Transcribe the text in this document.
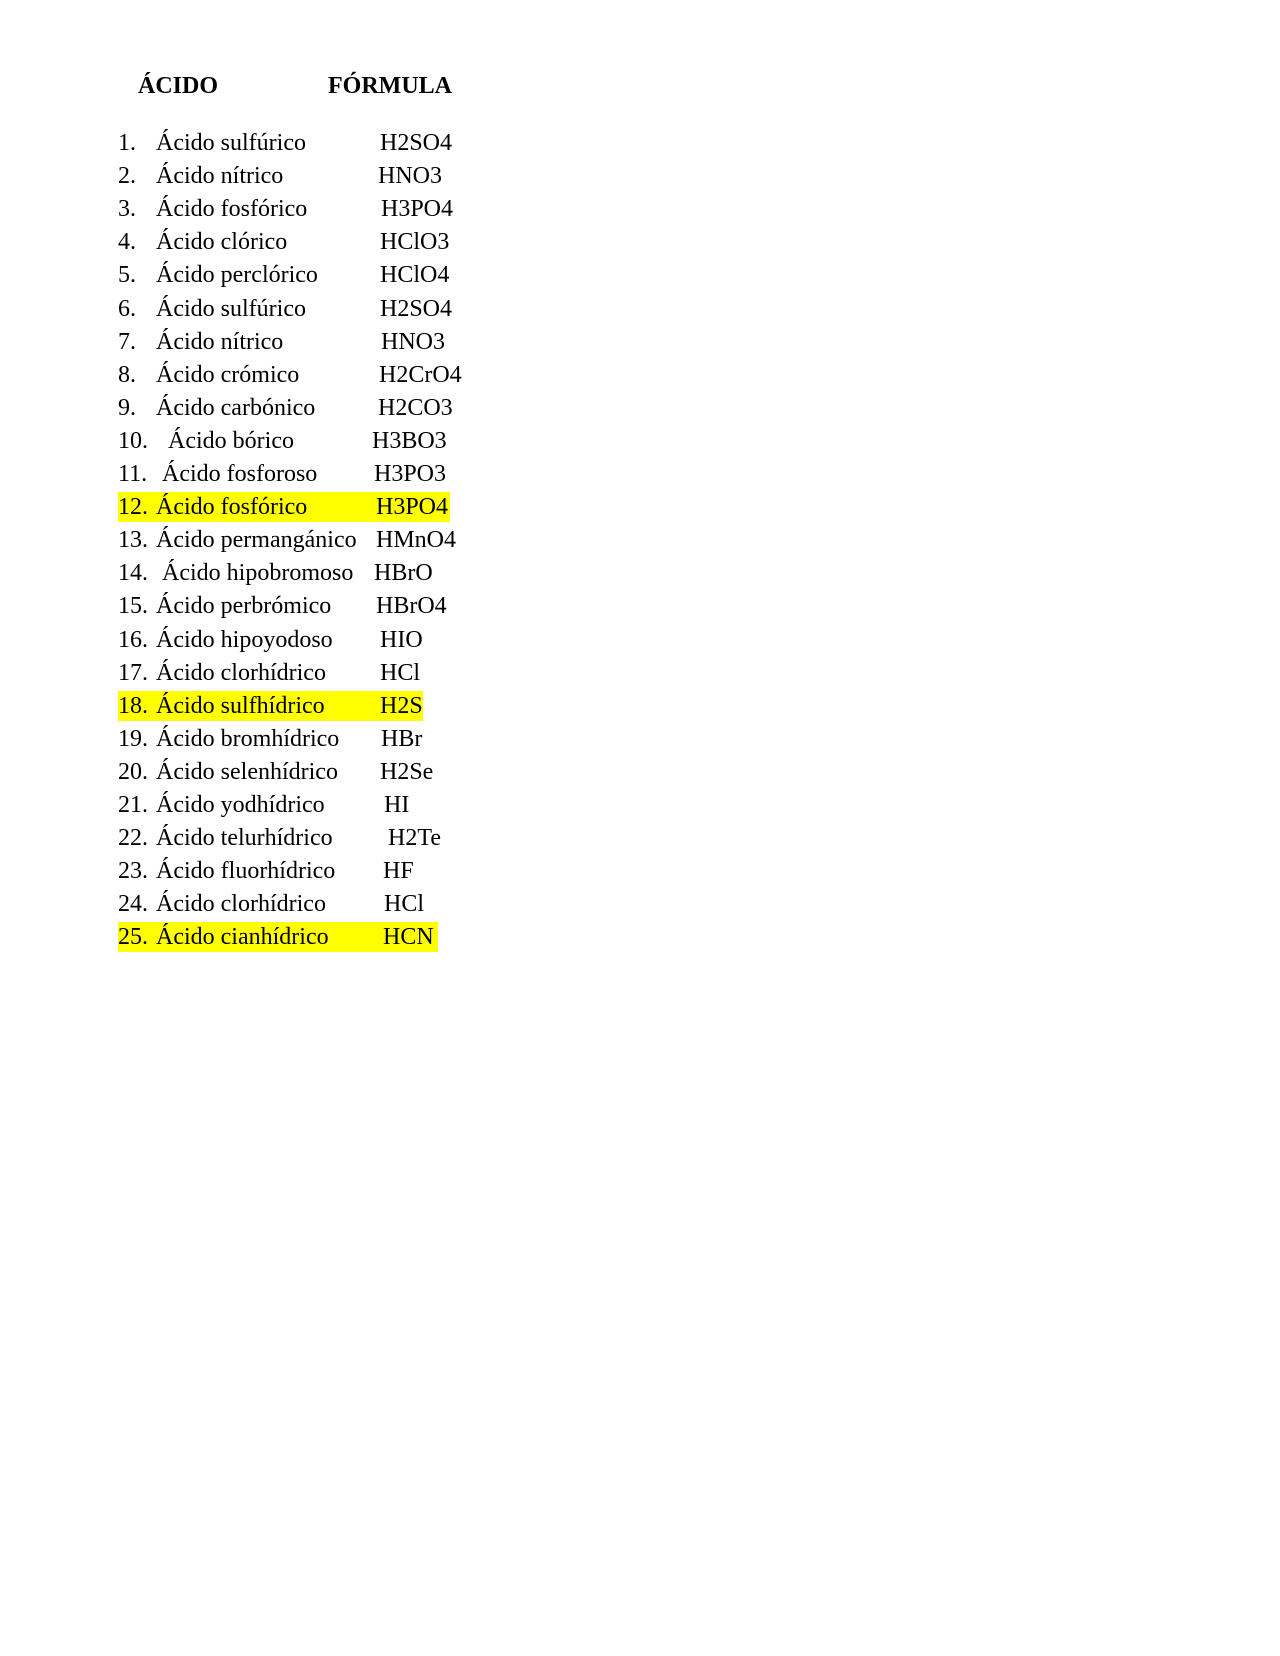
ÁCIDO	FÓRMULA
1. Ácido sulfúrico	H2SO4
2. Ácido nítrico	HNO3
3. Ácido fosfórico	H3PO4
4. Ácido clórico	HClO3
5. Ácido perclórico	HClO4
6. Ácido sulfúrico	H2SO4
7. Ácido nítrico	HNO3
8. Ácido crómico	H2CrO4
9. Ácido carbónico	H2CO3
10. Ácido bórico	H3BO3
11. Ácido fosforoso H3PO3
12. Ácido fosfórico	H3PO4
13. Ácido permangánico HMnO4
14. Ácido hipobromoso HBrO
15. Ácido perbrómico HBrO4
16. Ácido hipoyodoso HIO
17. Ácido clorhídrico HCl
18. Ácido sulfhídrico H2S
19. Ácido bromhídrico HBr
20. Ácido selenhídrico H2Se
21. Ácido yodhídrico HI
22. Ácido telurhídrico H2Te
23. Ácido fluorhídrico HF
24. Ácido clorhídrico HCl
25. Ácido cianhídrico HCN
